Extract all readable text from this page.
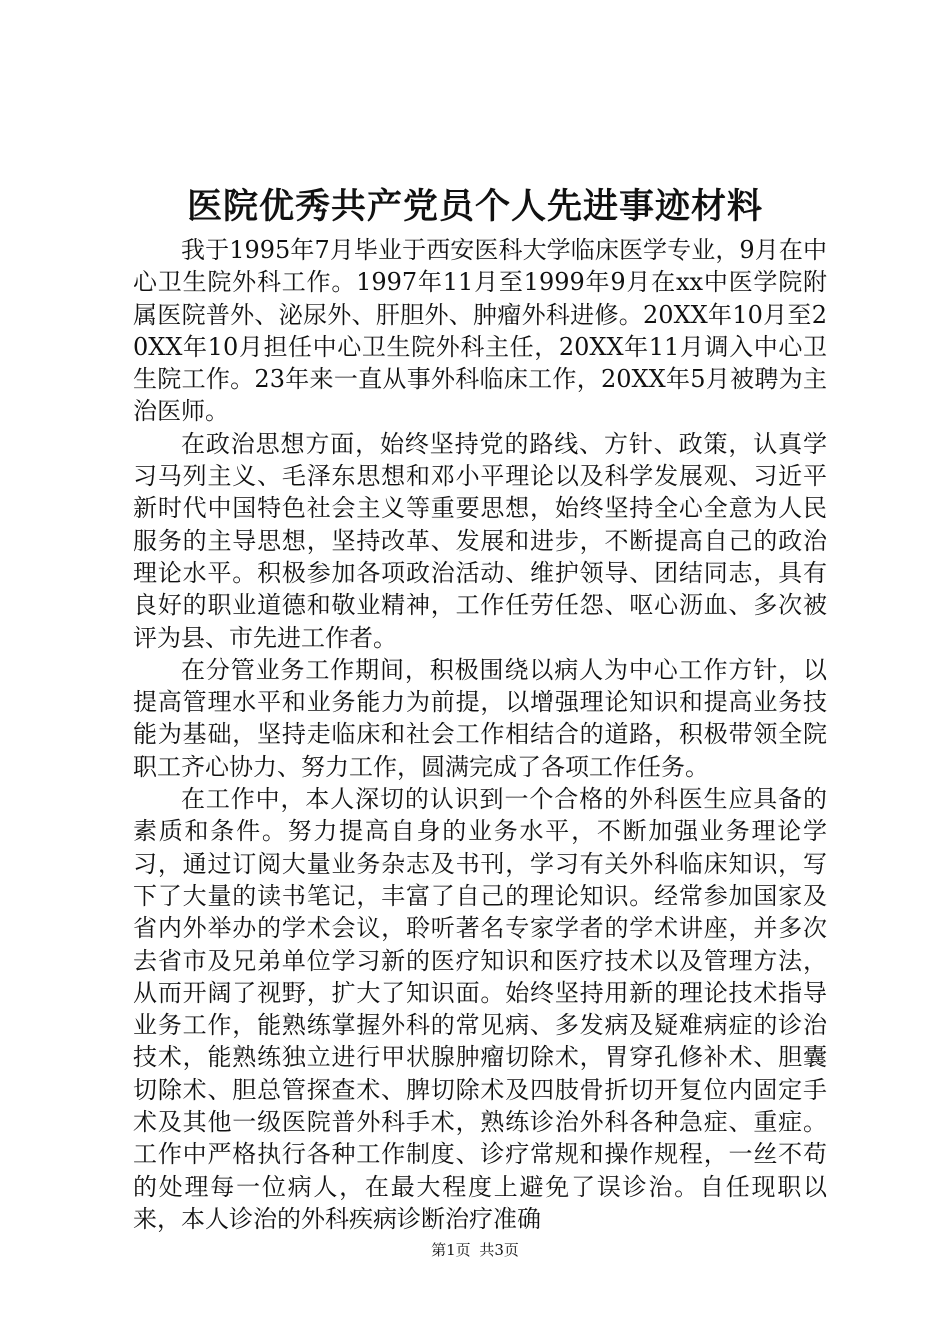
医院优秀共产党员个人先进事迹材料

我于1995年7月毕业于西安医科大学临床医学专业，9月在中心卫生院外科工作。1997年11月至1999年9月在xx中医学院附属医院普外、泌尿外、肝胆外、肿瘤外科进修。20XX年10月至20XX年10月担任中心卫生院外科主任，20XX年11月调入中心卫生院工作。23年来一直从事外科临床工作，20XX年5月被聘为主治医师。

在政治思想方面，始终坚持党的路线、方针、政策，认真学习马列主义、毛泽东思想和邓小平理论以及科学发展观、习近平新时代中国特色社会主义等重要思想，始终坚持全心全意为人民服务的主导思想，坚持改革、发展和进步，不断提高自己的政治理论水平。积极参加各项政治活动、维护领导、团结同志，具有良好的职业道德和敬业精神，工作任劳任怨、呕心沥血、多次被评为县、市先进工作者。

在分管业务工作期间，积极围绕以病人为中心工作方针，以提高管理水平和业务能力为前提，以增强理论知识和提高业务技能为基础，坚持走临床和社会工作相结合的道路，积极带领全院职工齐心协力、努力工作，圆满完成了各项工作任务。

在工作中，本人深切的认识到一个合格的外科医生应具备的素质和条件。努力提高自身的业务水平，不断加强业务理论学习，通过订阅大量业务杂志及书刊，学习有关外科临床知识，写下了大量的读书笔记，丰富了自己的理论知识。经常参加国家及省内外举办的学术会议，聆听著名专家学者的学术讲座，并多次去省市及兄弟单位学习新的医疗知识和医疗技术以及管理方法，从而开阔了视野，扩大了知识面。始终坚持用新的理论技术指导业务工作，能熟练掌握外科的常见病、多发病及疑难病症的诊治技术，能熟练独立进行甲状腺肿瘤切除术，胃穿孔修补术、胆囊切除术、胆总管探查术、脾切除术及四肢骨折切开复位内固定手术及其他一级医院普外科手术，熟练诊治外科各种急症、重症。工作中严格执行各种工作制度、诊疗常规和操作规程，一丝不苟的处理每一位病人，在最大程度上避免了误诊治。自任现职以来，本人诊治的外科疾病诊断治疗准确

第1页 共3页
